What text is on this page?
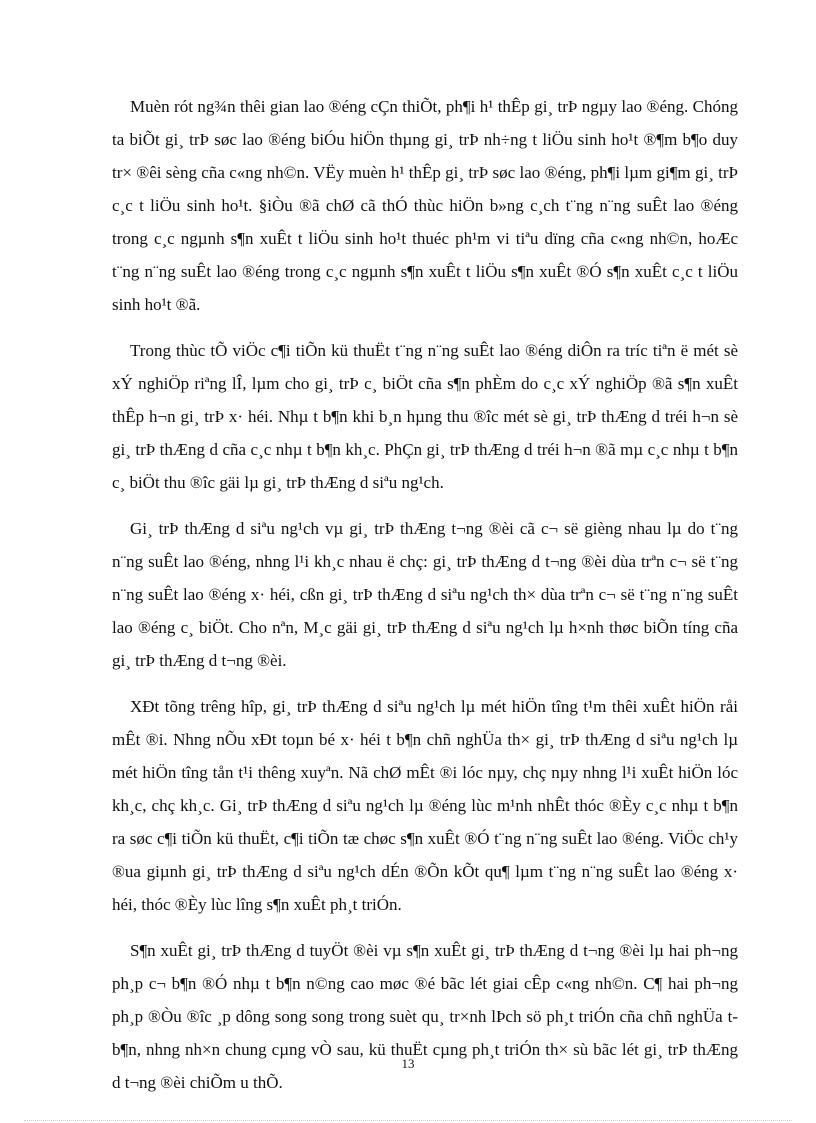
Muèn rót ng¾n thêi gian lao ®éng cÇn thiÕt, ph¶i h¹ thÊp gi¸ trÞ ngµy lao ®éng. Chóng ta biÕt gi¸ trÞ søc lao ®éng biÓu hiÖn thµng gi¸ trÞ nh÷ng t liÖu sinh ho¹t ®¶m b¶o duy tr× ®êi sèng cña c«ng nh©n. VËy muèn h¹ thÊp gi¸ trÞ søc lao ®éng, ph¶i lµm gi¶m gi¸ trÞ c¸c t liÖu sinh ho¹t. §iÒu ®ã chØ cã thÓ thùc hiÖn b»ng c¸ch t¨ng n¨ng suÊt lao ®éng trong c¸c ngµnh s¶n xuÊt t liÖu sinh ho¹t thuéc ph¹m vi tiªu dïng cña c«ng nh©n, hoÆc t¨ng n¨ng suÊt lao ®éng trong c¸c ngµnh s¶n xuÊt t liÖu s¶n xuÊt ®Ó s¶n xuÊt c¸c t liÖu sinh ho¹t ®ã.

Trong thùc tÕ viÖc c¶i tiÕn kü thuËt t¨ng n¨ng suÊt lao ®éng diÔn ra tríc tiªn ë mét sè xÝ nghiÖp riªng lÎ, lµm cho gi¸ trÞ c¸ biÖt cña s¶n phÈm do c¸c xÝ nghiÖp ®ã s¶n xuÊt thÊp h¬n gi¸ trÞ x· héi. Nhµ t b¶n khi b¸n hµng thu ®îc mét sè gi¸ trÞ thÆng d tréi h¬n sè gi¸ trÞ thÆng d cña c¸c nhµ t b¶n kh¸c. PhÇn gi¸ trÞ thÆng d tréi h¬n ®ã mµ c¸c nhµ t b¶n c¸ biÖt thu ®îc gäi lµ gi¸ trÞ thÆng d siªu ng¹ch.

Gi¸ trÞ thÆng d siªu ng¹ch vµ gi¸ trÞ thÆng t¬ng ®èi cã c¬ së gièng nhau lµ do t¨ng n¨ng suÊt lao ®éng, nhng l¹i kh¸c nhau ë chç: gi¸ trÞ thÆng d t¬ng ®èi dùa trªn c¬ së t¨ng n¨ng suÊt lao ®éng x· héi, cßn gi¸ trÞ thÆng d siªu ng¹ch th× dùa trªn c¬ së t¨ng n¨ng suÊt lao ®éng c¸ biÖt. Cho nªn, M¸c gäi gi¸ trÞ thÆng d siªu ng¹ch lµ h×nh thøc biÕn tíng cña gi¸ trÞ thÆng d t¬ng ®èi.

XÐt tõng trêng hîp, gi¸ trÞ thÆng d siªu ng¹ch lµ mét hiÖn tîng t¹m thêi xuÊt hiÖn råi mÊt ®i. Nhng nÕu xÐt toµn bé x· héi t b¶n chñ nghÜa th× gi¸ trÞ thÆng d siªu ng¹ch lµ mét hiÖn tîng tån t¹i thêng xuyªn. Nã chØ mÊt ®i lóc nµy, chç nµy nhng l¹i xuÊt hiÖn lóc kh¸c, chç kh¸c. Gi¸ trÞ thÆng d siªu ng¹ch lµ ®éng lùc m¹nh nhÊt thóc ®Èy c¸c nhµ t b¶n ra søc c¶i tiÕn kü thuËt, c¶i tiÕn tæ chøc s¶n xuÊt ®Ó t¨ng n¨ng suÊt lao ®éng. ViÖc ch¹y ®ua giµnh gi¸ trÞ thÆng d siªu ng¹ch dÉn ®Õn kÕt qu¶ lµm t¨ng n¨ng suÊt lao ®éng x· héi, thóc ®Èy lùc lîng s¶n xuÊt ph¸t triÓn.

S¶n xuÊt gi¸ trÞ thÆng d tuyÖt ®èi vµ s¶n xuÊt gi¸ trÞ thÆng d t¬ng ®èi lµ hai ph¬ng ph¸p c¬ b¶n ®Ó nhµ t b¶n n©ng cao møc ®é bãc lét giai cÊp c«ng nh©n. C¶ hai ph¬ng ph¸p ®Òu ®îc ¸p dông song song trong suèt qu¸ tr×nh lÞch sö ph¸t triÓn cña chñ nghÜa t b¶n, nhng nh×n chung cµng vÒ sau, kü thuËt cµng ph¸t triÓn th× sù bãc lét gi¸ trÞ thÆng d t¬ng ®èi chiÕm u thÕ.

13
